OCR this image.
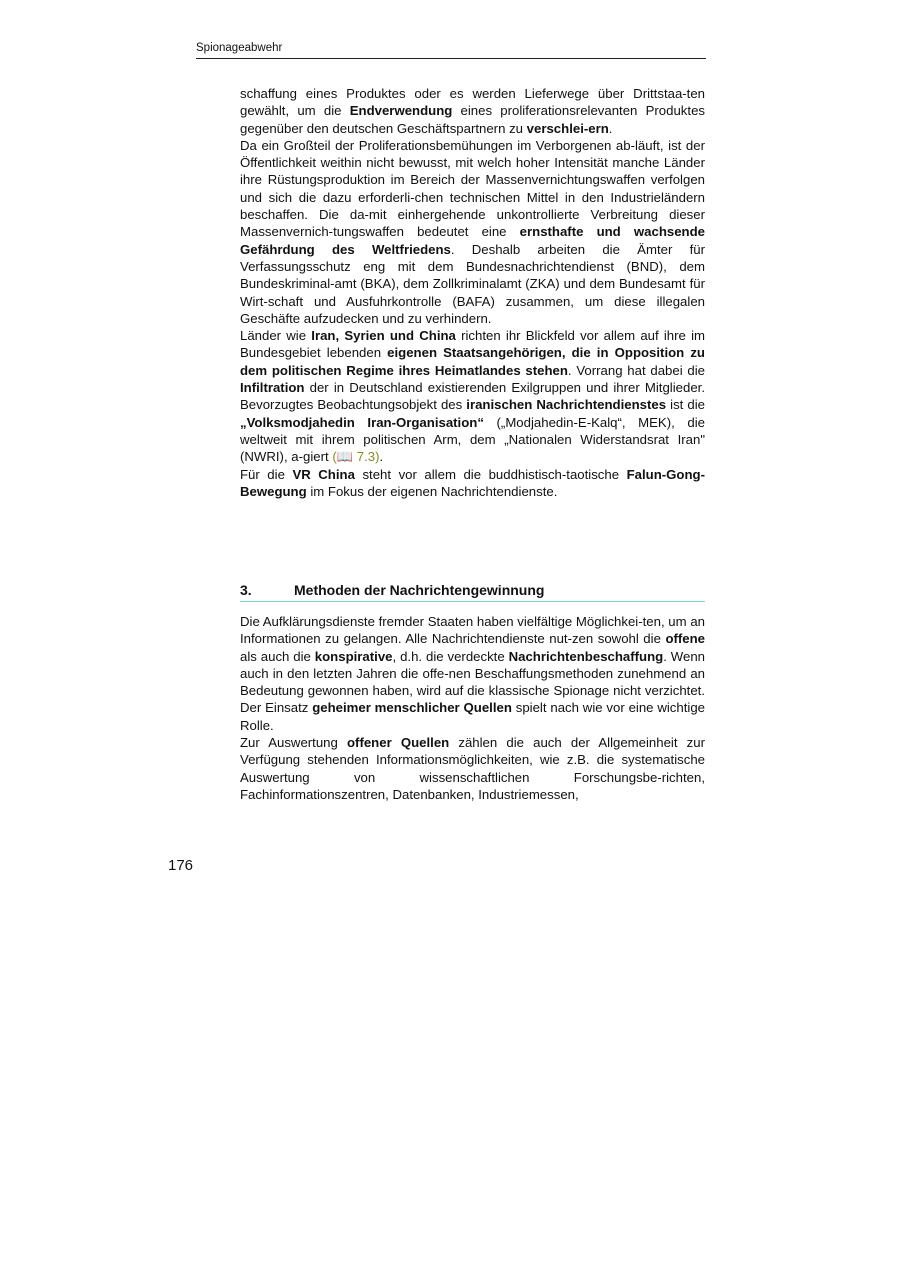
Spionageabwehr

schaffung eines Produktes oder es werden Lieferwege über Drittstaa-ten gewählt, um die Endverwendung eines proliferationsrelevanten Produktes gegenüber den deutschen Geschäftspartnern zu verschlei-ern.

Da ein Großteil der Proliferationsbemühungen im Verborgenen ab-läuft, ist der Öffentlichkeit weithin nicht bewusst, mit welch hoher Intensität manche Länder ihre Rüstungsproduktion im Bereich der Massenvernichtungswaffen verfolgen und sich die dazu erforderli-chen technischen Mittel in den Industrieländern beschaffen. Die da-mit einhergehende unkontrollierte Verbreitung dieser Massenvernich-tungswaffen bedeutet eine ernsthafte und wachsende Gefährdung des Weltfriedens. Deshalb arbeiten die Ämter für Verfassungsschutz eng mit dem Bundesnachrichtendienst (BND), dem Bundeskriminal-amt (BKA), dem Zollkriminalamt (ZKA) und dem Bundesamt für Wirt-schaft und Ausfuhrkontrolle (BAFA) zusammen, um diese illegalen Geschäfte aufzudecken und zu verhindern.

Länder wie Iran, Syrien und China richten ihr Blickfeld vor allem auf ihre im Bundesgebiet lebenden eigenen Staatsangehörigen, die in Opposition zu dem politischen Regime ihres Heimatlandes stehen. Vorrang hat dabei die Infiltration der in Deutschland existierenden Exilgruppen und ihrer Mitglieder. Bevorzugtes Beobachtungsobjekt des iranischen Nachrichtendienstes ist die „Volksmodjahedin Iran-Organisation“ („Modjahedin-E-Kalq“, MEK), die weltweit mit ihrem politischen Arm, dem „Nationalen Widerstandsrat Iran" (NWRI), a-giert (📖 7.3).

Für die VR China steht vor allem die buddhistisch-taotische Falun-Gong-Bewegung im Fokus der eigenen Nachrichtendienste.

3.	Methoden der Nachrichtengewinnung

Die Aufklärungsdienste fremder Staaten haben vielfältige Möglichkei-ten, um an Informationen zu gelangen. Alle Nachrichtendienste nut-zen sowohl die offene als auch die konspirative, d.h. die verdeckte Nachrichtenbeschaffung. Wenn auch in den letzten Jahren die offe-nen Beschaffungsmethoden zunehmend an Bedeutung gewonnen haben, wird auf die klassische Spionage nicht verzichtet. Der Einsatz geheimer menschlicher Quellen spielt nach wie vor eine wichtige Rolle.

Zur Auswertung offener Quellen zählen die auch der Allgemeinheit zur Verfügung stehenden Informationsmöglichkeiten, wie z.B. die systematische Auswertung von wissenschaftlichen Forschungsbe-richten, Fachinformationszentren, Datenbanken, Industriemessen,

176
